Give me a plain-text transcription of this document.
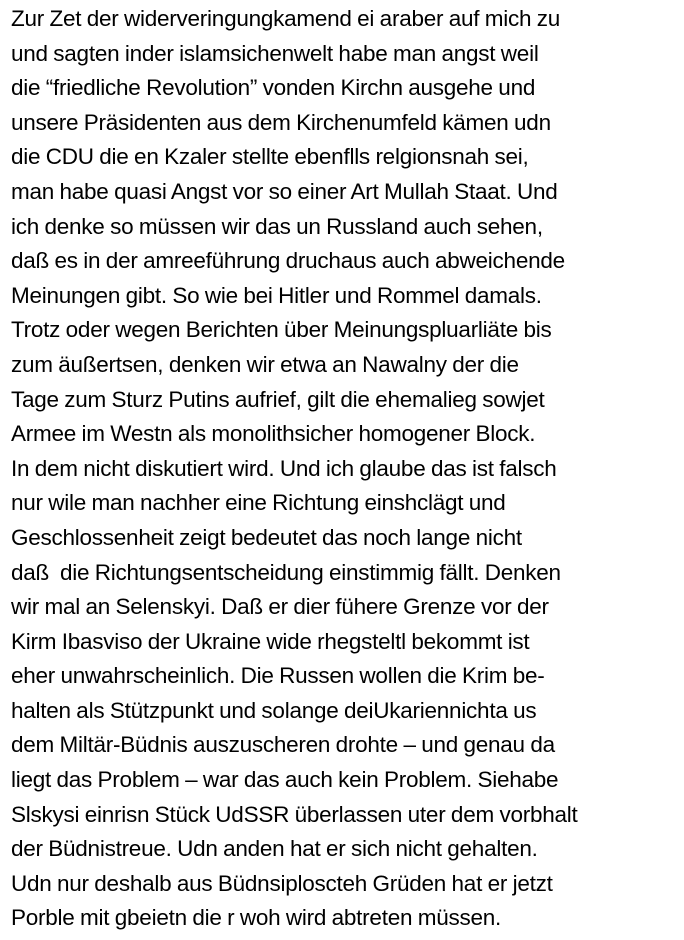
Zur Zet der widerveringungkamend ei araber auf mich zu
und sagten inder islamsichenwelt habe man angst weil
die “friedliche Revolution” vonden Kirchn ausgehe und
unsere Präsidenten aus dem Kirchenumfeld kämen udn
die CDU die en Kzaler stellte ebenflls relgionsnah sei,
man habe quasi Angst vor so einer Art Mullah Staat. Und
ich denke so müssen wir das un Russland auch sehen,
daß es in der amreeführung druchaus auch abweichende
Meinungen gibt. So wie bei Hitler und Rommel damals.
Trotz oder wegen Berichten über Meinungspluarliäte bis
zum äußertsen, denken wir etwa an Nawalny der die
Tage zum Sturz Putins aufrief, gilt die ehemalieg sowjet
Armee im Westn als monolithsicher homogener Block.
In dem nicht diskutiert wird. Und ich glaube das ist falsch
nur wile man nachher eine Richtung einshclägt und
Geschlossenheit zeigt bedeutet das noch lange nicht
daß  die Richtungsentscheidung einstimmig fällt. Denken
wir mal an Selenskyi. Daß er dier fühere Grenze vor der
Kirm Ibasviso der Ukraine wide rhegsteltl bekommt ist
eher unwahrscheinlich. Die Russen wollen die Krim be-
halten als Stützpunkt und solange deiUkariennichta us
dem Miltär-Büdnis auszuscheren drohte – und genau da
liegt das Problem – war das auch kein Problem. Siehabe
Slskysi einrisn Stück UdSSR überlassen uter dem vorbhalt
der Büdnistreue. Udn anden hat er sich nicht gehalten.
Udn nur deshalb aus Büdnsiploscteh Grüden hat er jetzt
Porble mit gbeietn die r woh wird abtreten müssen.
